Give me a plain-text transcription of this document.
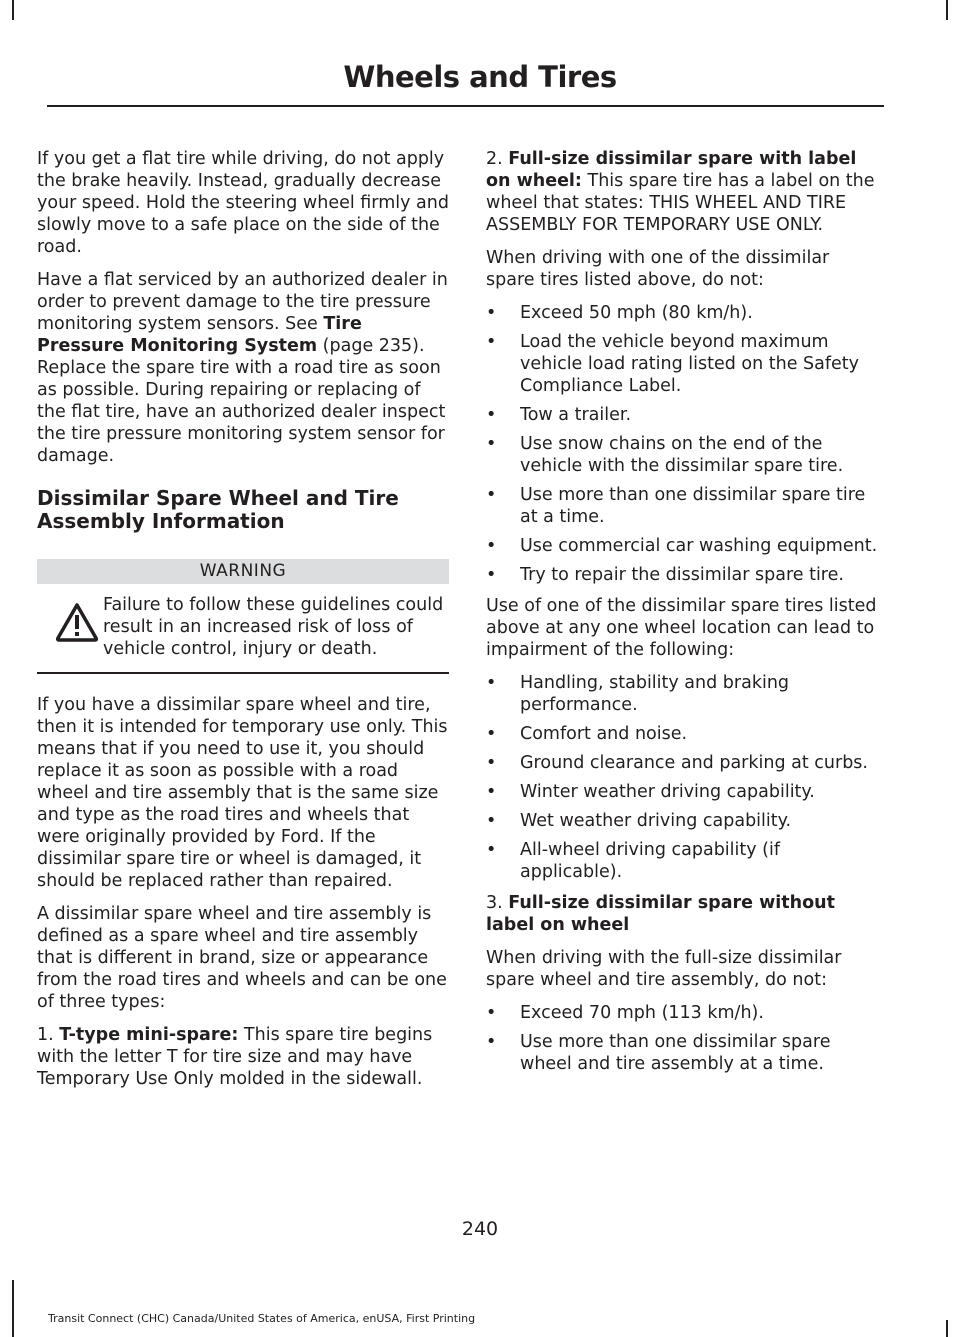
Wheels and Tires

If you get a flat tire while driving, do not apply the brake heavily. Instead, gradually decrease your speed. Hold the steering wheel firmly and slowly move to a safe place on the side of the road.

Have a flat serviced by an authorized dealer in order to prevent damage to the tire pressure monitoring system sensors. See Tire Pressure Monitoring System (page 235). Replace the spare tire with a road tire as soon as possible. During repairing or replacing of the flat tire, have an authorized dealer inspect the tire pressure monitoring system sensor for damage.

Dissimilar Spare Wheel and Tire Assembly Information
WARNING
Failure to follow these guidelines could result in an increased risk of loss of vehicle control, injury or death.

If you have a dissimilar spare wheel and tire, then it is intended for temporary use only. This means that if you need to use it, you should replace it as soon as possible with a road wheel and tire assembly that is the same size and type as the road tires and wheels that were originally provided by Ford. If the dissimilar spare tire or wheel is damaged, it should be replaced rather than repaired.

A dissimilar spare wheel and tire assembly is defined as a spare wheel and tire assembly that is different in brand, size or appearance from the road tires and wheels and can be one of three types:

1. T-type mini-spare: This spare tire begins with the letter T for tire size and may have Temporary Use Only molded in the sidewall.

2. Full-size dissimilar spare with label on wheel: This spare tire has a label on the wheel that states: THIS WHEEL AND TIRE ASSEMBLY FOR TEMPORARY USE ONLY.

When driving with one of the dissimilar spare tires listed above, do not:

• Exceed 50 mph (80 km/h).
• Load the vehicle beyond maximum vehicle load rating listed on the Safety Compliance Label.
• Tow a trailer.
• Use snow chains on the end of the vehicle with the dissimilar spare tire.
• Use more than one dissimilar spare tire at a time.
• Use commercial car washing equipment.
• Try to repair the dissimilar spare tire.

Use of one of the dissimilar spare tires listed above at any one wheel location can lead to impairment of the following:

• Handling, stability and braking performance.
• Comfort and noise.
• Ground clearance and parking at curbs.
• Winter weather driving capability.
• Wet weather driving capability.
• All-wheel driving capability (if applicable).

3. Full-size dissimilar spare without label on wheel

When driving with the full-size dissimilar spare wheel and tire assembly, do not:

• Exceed 70 mph (113 km/h).
• Use more than one dissimilar spare wheel and tire assembly at a time.
240
Transit Connect (CHC) Canada/United States of America, enUSA, First Printing
